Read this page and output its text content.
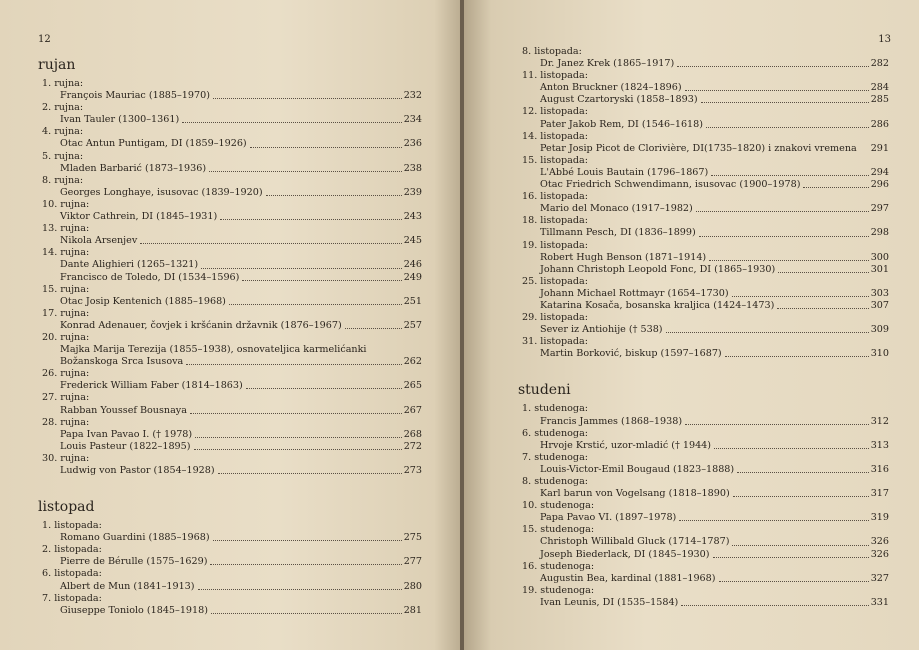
12
rujan
1. rujna:
François Mauriac (1885–1970)	232
2. rujna:
Ivan Tauler (1300–1361)	234
4. rujna:
Otac Antun Puntigam, DI (1859–1926)	236
5. rujna:
Mladen Barbarić (1873–1936)	238
8. rujna:
Georges Longhaye, isusovac (1839–1920)	239
10. rujna:
Viktor Cathrein, DI (1845–1931)	243
13. rujna:
Nikola Arsenjev	245
14. rujna:
Dante Alighieri (1265–1321)	246
Francisco de Toledo, DI (1534–1596)	249
15. rujna:
Otac Josip Kentenich (1885–1968)	251
17. rujna:
Konrad Adenauer, čovjek i kršćanin državnik (1876–1967)	257
20. rujna:
Majka Marija Terezija (1855–1938), osnovateljica karmelićanki
Božanskoga Srca Isusova	262
26. rujna:
Frederick William Faber (1814–1863)	265
27. rujna:
Rabban Youssef Bousnaya	267
28. rujna:
Papa Ivan Pavao I. († 1978)	268
Louis Pasteur (1822–1895)	272
30. rujna:
Ludwig von Pastor (1854–1928)	273
listopad
1. listopada:
Romano Guardini (1885–1968)	275
2. listopada:
Pierre de Bérulle (1575–1629)	277
6. listopada:
Albert de Mun (1841–1913)	280
7. listopada:
Giuseppe Toniolo (1845–1918)	281
13
8. listopada:
Dr. Janez Krek (1865–1917)	282
11. listopada:
Anton Bruckner (1824–1896)	284
August Czartoryski (1858–1893)	285
12. listopada:
Pater Jakob Rem, DI (1546–1618)	286
14. listopada:
Petar Josip Picot de Clorivière, DI(1735–1820) i znakovi vremena 291
15. listopada:
L'Abbé Louis Bautain (1796–1867)	294
Otac Friedrich Schwendimann, isusovac (1900–1978)	296
16. listopada:
Mario del Monaco (1917–1982)	297
18. listopada:
Tillmann Pesch, DI (1836–1899)	298
19. listopada:
Robert Hugh Benson (1871–1914)	300
Johann Christoph Leopold Fonc, DI (1865–1930)	301
25. listopada:
Johann Michael Rottmayr (1654–1730)	303
Katarina Kosača, bosanska kraljica (1424–1473)	307
29. listopada:
Sever iz Antiohije († 538)	309
31. listopada:
Martin Borković, biskup (1597–1687)	310
studeni
1. studenoga:
Francis Jammes (1868–1938)	312
6. studenoga:
Hrvoje Krstić, uzor-mladić († 1944)	313
7. studenoga:
Louis-Victor-Emil Bougaud (1823–1888)	316
8. studenoga:
Karl barun von Vogelsang (1818–1890)	317
10. studenoga:
Papa Pavao VI. (1897–1978)	319
15. studenoga:
Christoph Willibald Gluck (1714–1787)	326
Joseph Biederlack, DI (1845–1930)	326
16. studenoga:
Augustin Bea, kardinal (1881–1968)	327
19. studenoga:
Ivan Leunis, DI (1535–1584)	331
